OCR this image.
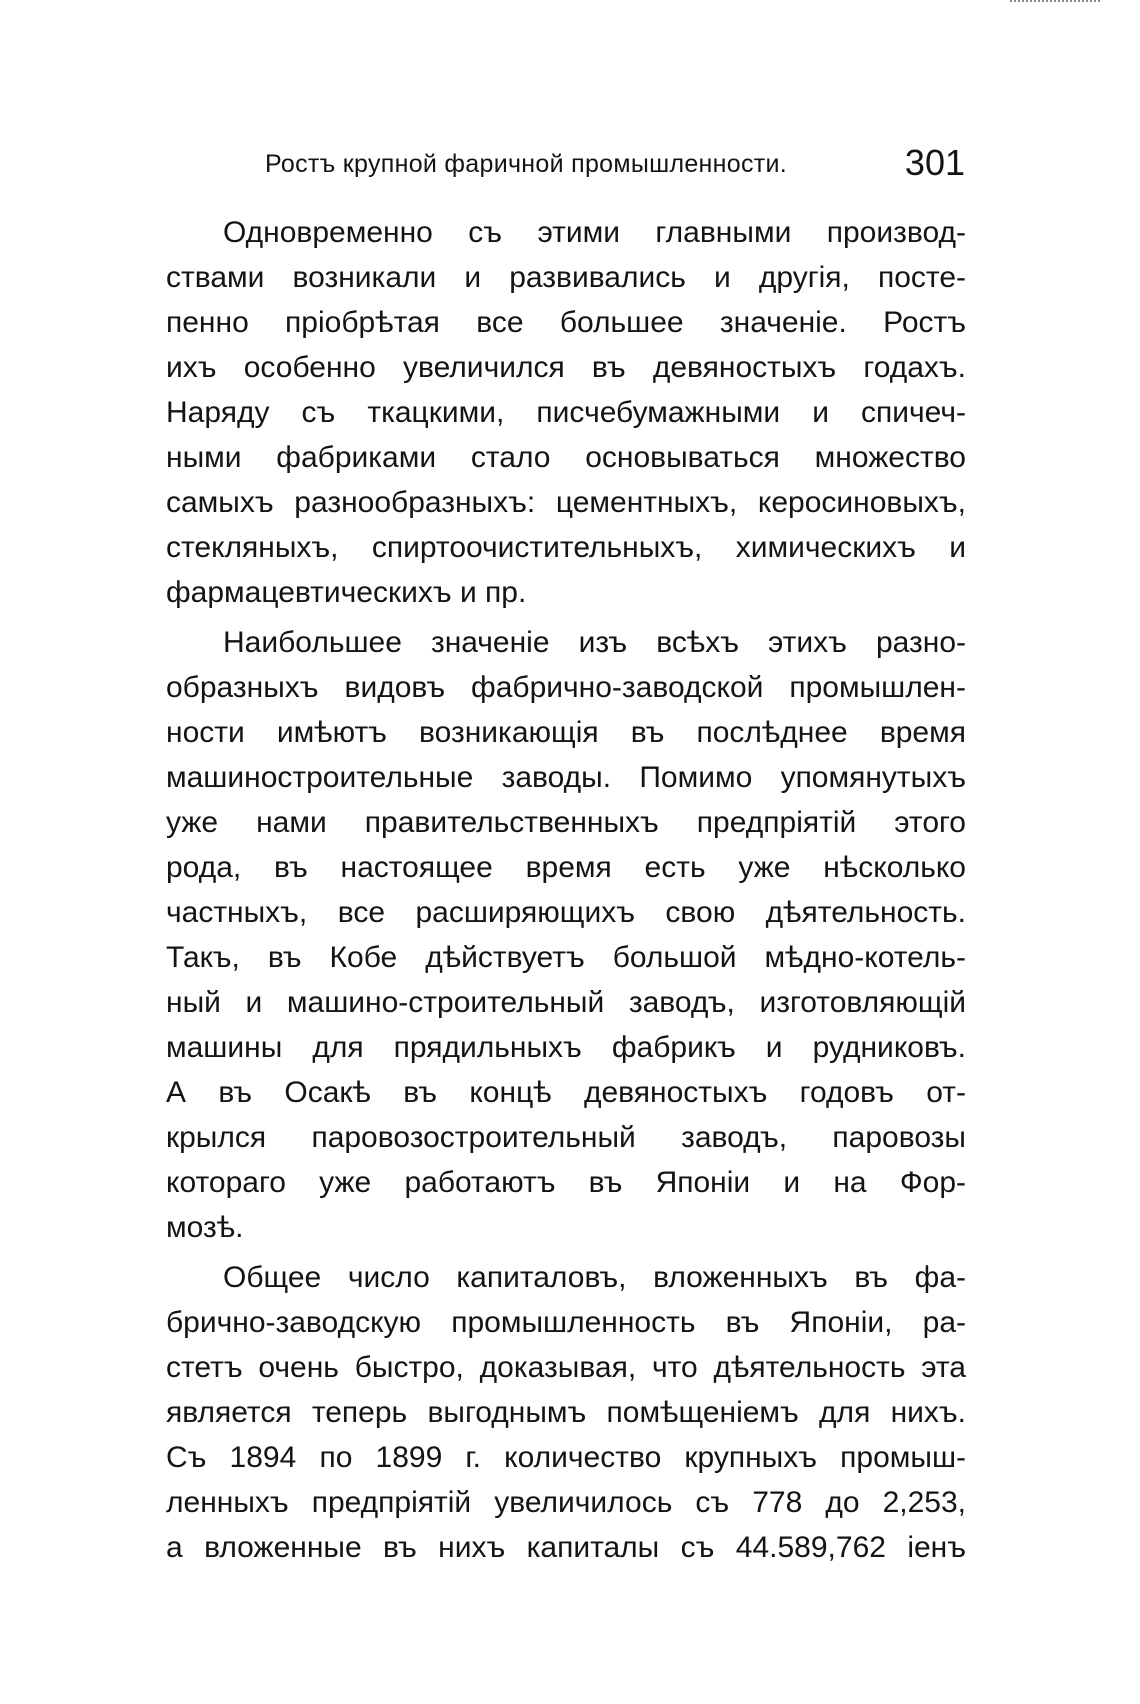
Ростъ крупной фаричной промышленности.	301
Одновременно съ этими главными производ-
ствами возникали и развивались и другія, посте-
пенно пріобрѣтая все большее значеніе. Ростъ
ихъ особенно увеличился въ девяностыхъ годахъ.
Наряду съ ткацкими, писчебумажными и спичеч-
ными фабриками стало основываться множество
самыхъ разнообразныхъ: цементныхъ, керосиновыхъ,
стекляныхъ, спиртоочистительныхъ, химическихъ и
фармацевтическихъ и пр.
Наибольшее значеніе изъ всѣхъ этихъ разно-
образныхъ видовъ фабрично-заводской промышлен-
ности имѣютъ возникающія въ послѣднее время
машиностроительные заводы. Помимо упомянутыхъ
уже нами правительственныхъ предпріятій этого
рода, въ настоящее время есть уже нѣсколько
частныхъ, все расширяющихъ свою дѣятельность.
Такъ, въ Кобе дѣйствуетъ большой мѣдно-котель-
ный и машино-строительный заводъ, изготовляющій
машины для прядильныхъ фабрикъ и рудниковъ.
А въ Осакѣ въ концѣ девяностыхъ годовъ от-
крылся паровозостроительный заводъ, паровозы
котораго уже работаютъ въ Японіи и на Фор-
мозѣ.
Общее число капиталовъ, вложенныхъ въ фа-
брично-заводскую промышленность въ Японіи, ра-
стетъ очень быстро, доказывая, что дѣятельность эта
является теперь выгоднымъ помѣщеніемъ для нихъ.
Съ 1894 по 1899 г. количество крупныхъ промыш-
ленныхъ предпріятій увеличилось съ 778 до 2,253,
а вложенные въ нихъ капиталы съ 44.589,762 іенъ
